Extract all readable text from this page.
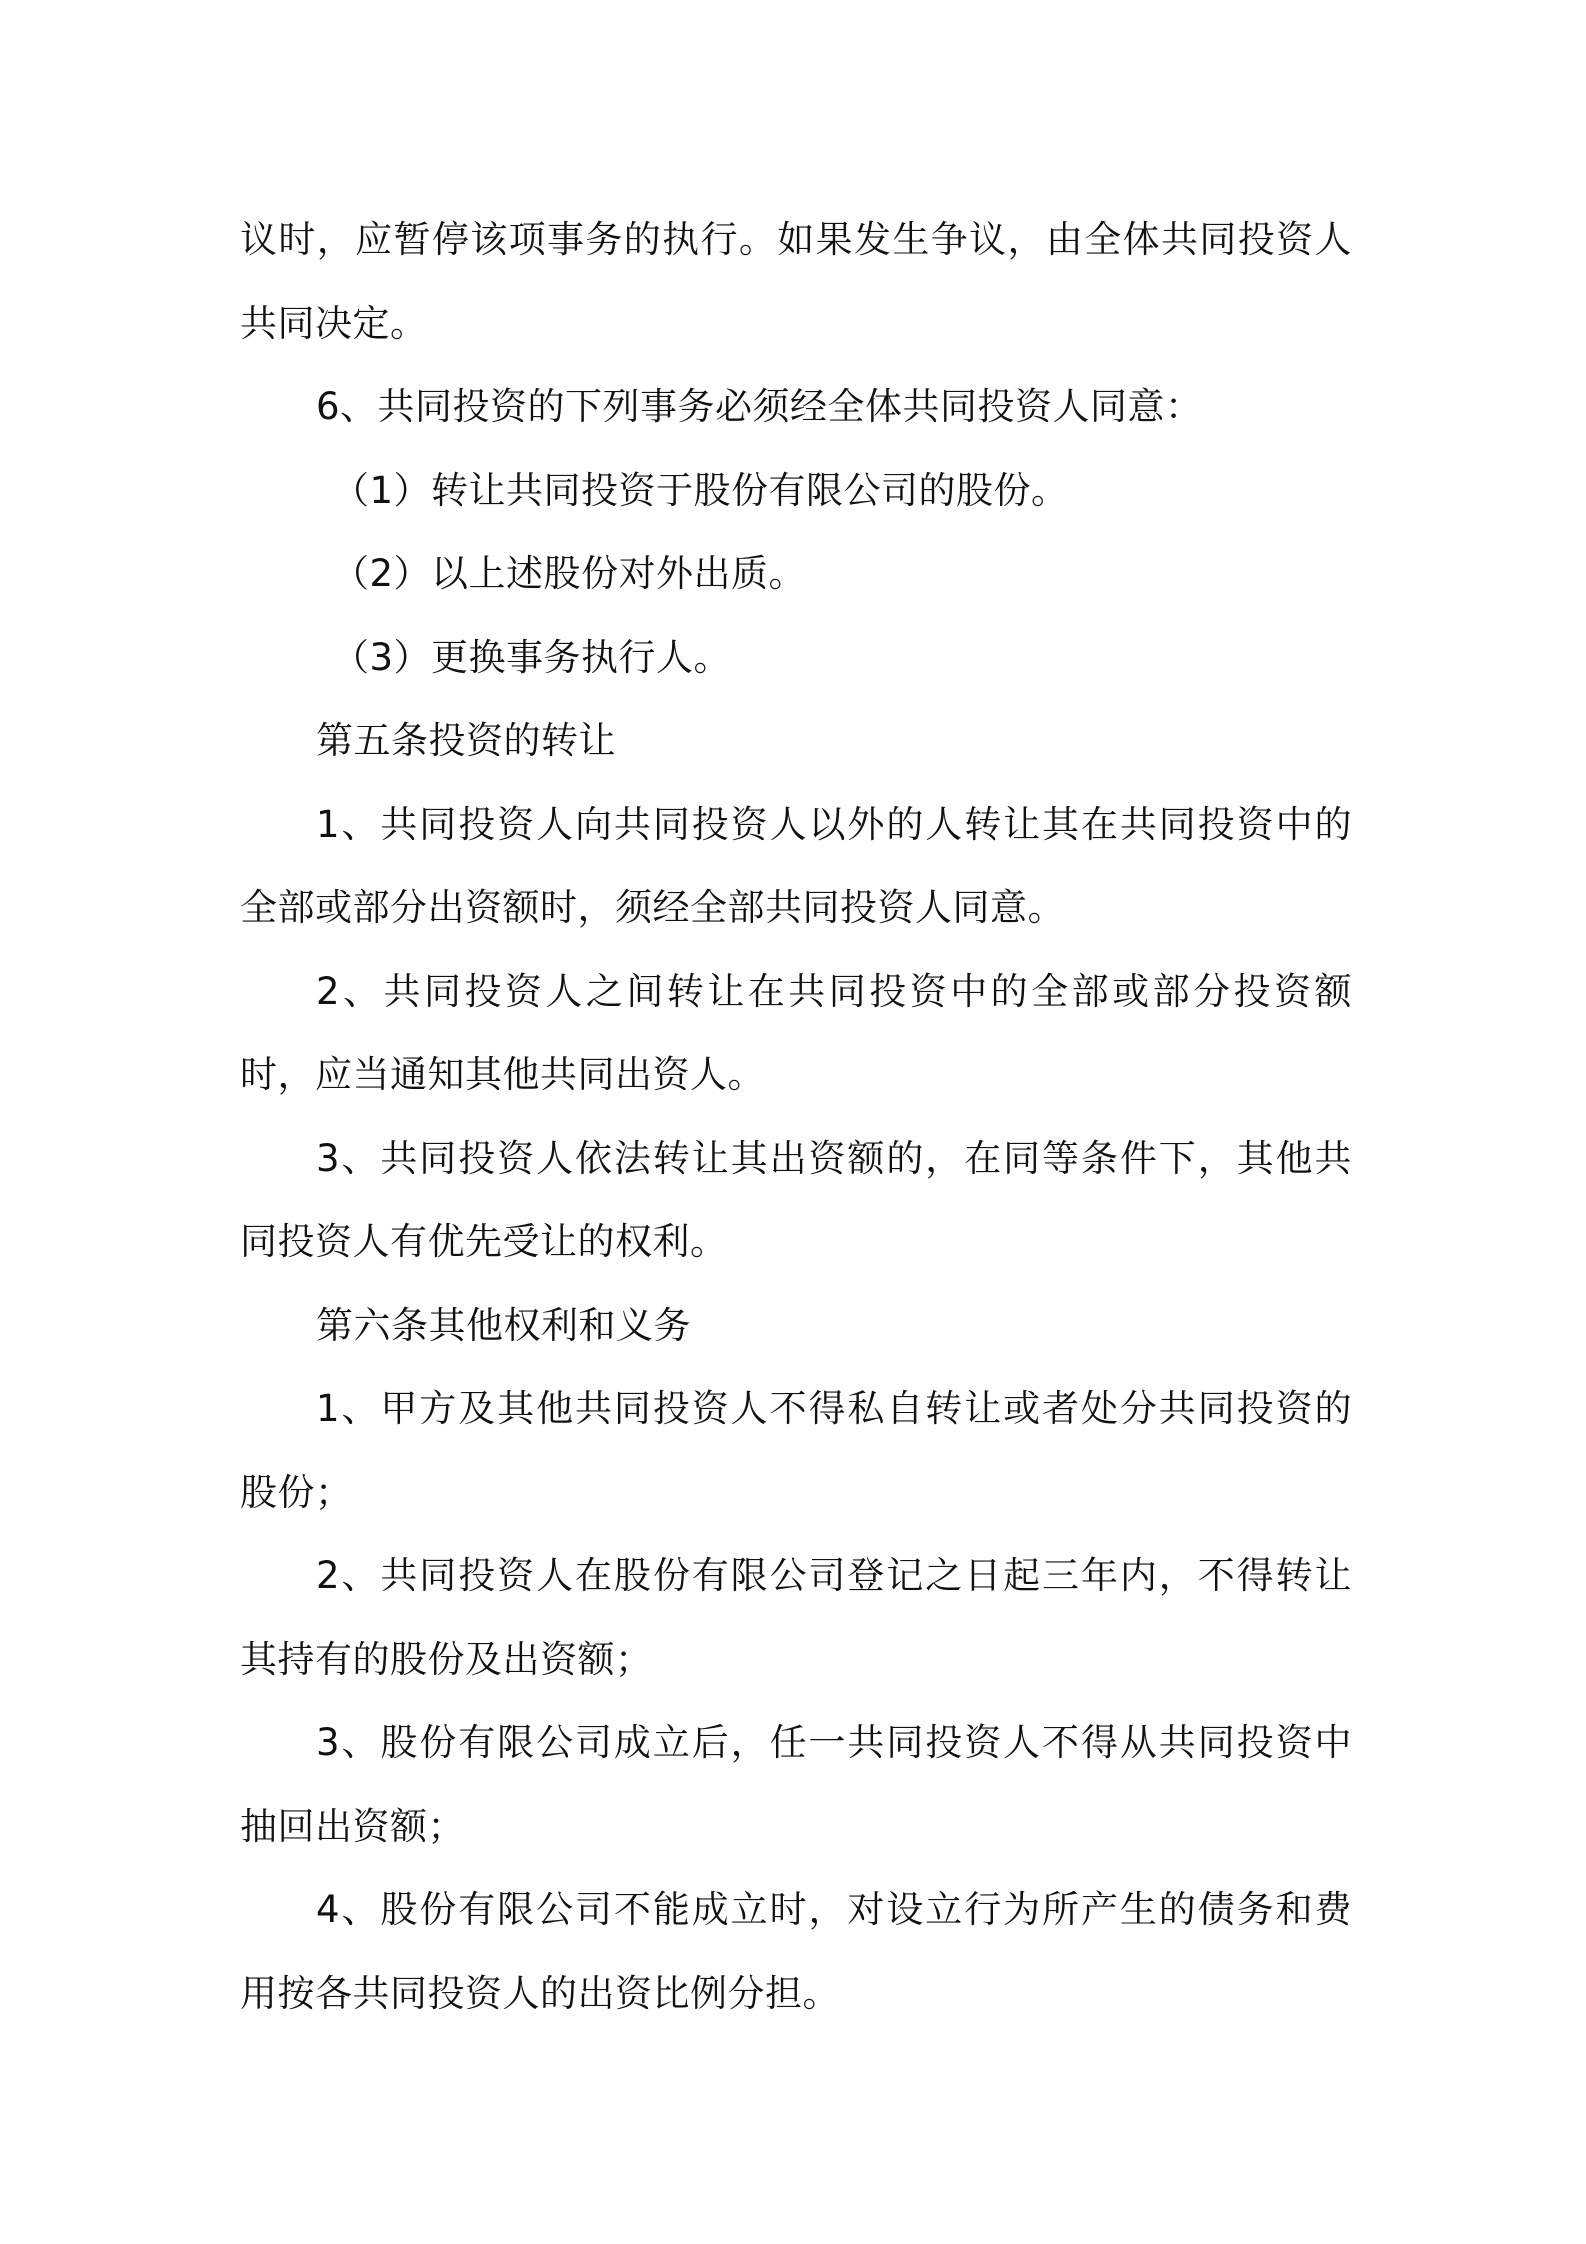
议时，应暂停该项事务的执行。如果发生争议，由全体共同投资人共同决定。

6、共同投资的下列事务必须经全体共同投资人同意：

（1）转让共同投资于股份有限公司的股份。

（2）以上述股份对外出质。

（3）更换事务执行人。

第五条投资的转让

1、共同投资人向共同投资人以外的人转让其在共同投资中的全部或部分出资额时，须经全部共同投资人同意。

2、共同投资人之间转让在共同投资中的全部或部分投资额时，应当通知其他共同出资人。

3、共同投资人依法转让其出资额的，在同等条件下，其他共同投资人有优先受让的权利。

第六条其他权利和义务

1、甲方及其他共同投资人不得私自转让或者处分共同投资的股份；

2、共同投资人在股份有限公司登记之日起三年内，不得转让其持有的股份及出资额；

3、股份有限公司成立后，任一共同投资人不得从共同投资中抽回出资额；

4、股份有限公司不能成立时，对设立行为所产生的债务和费用按各共同投资人的出资比例分担。
